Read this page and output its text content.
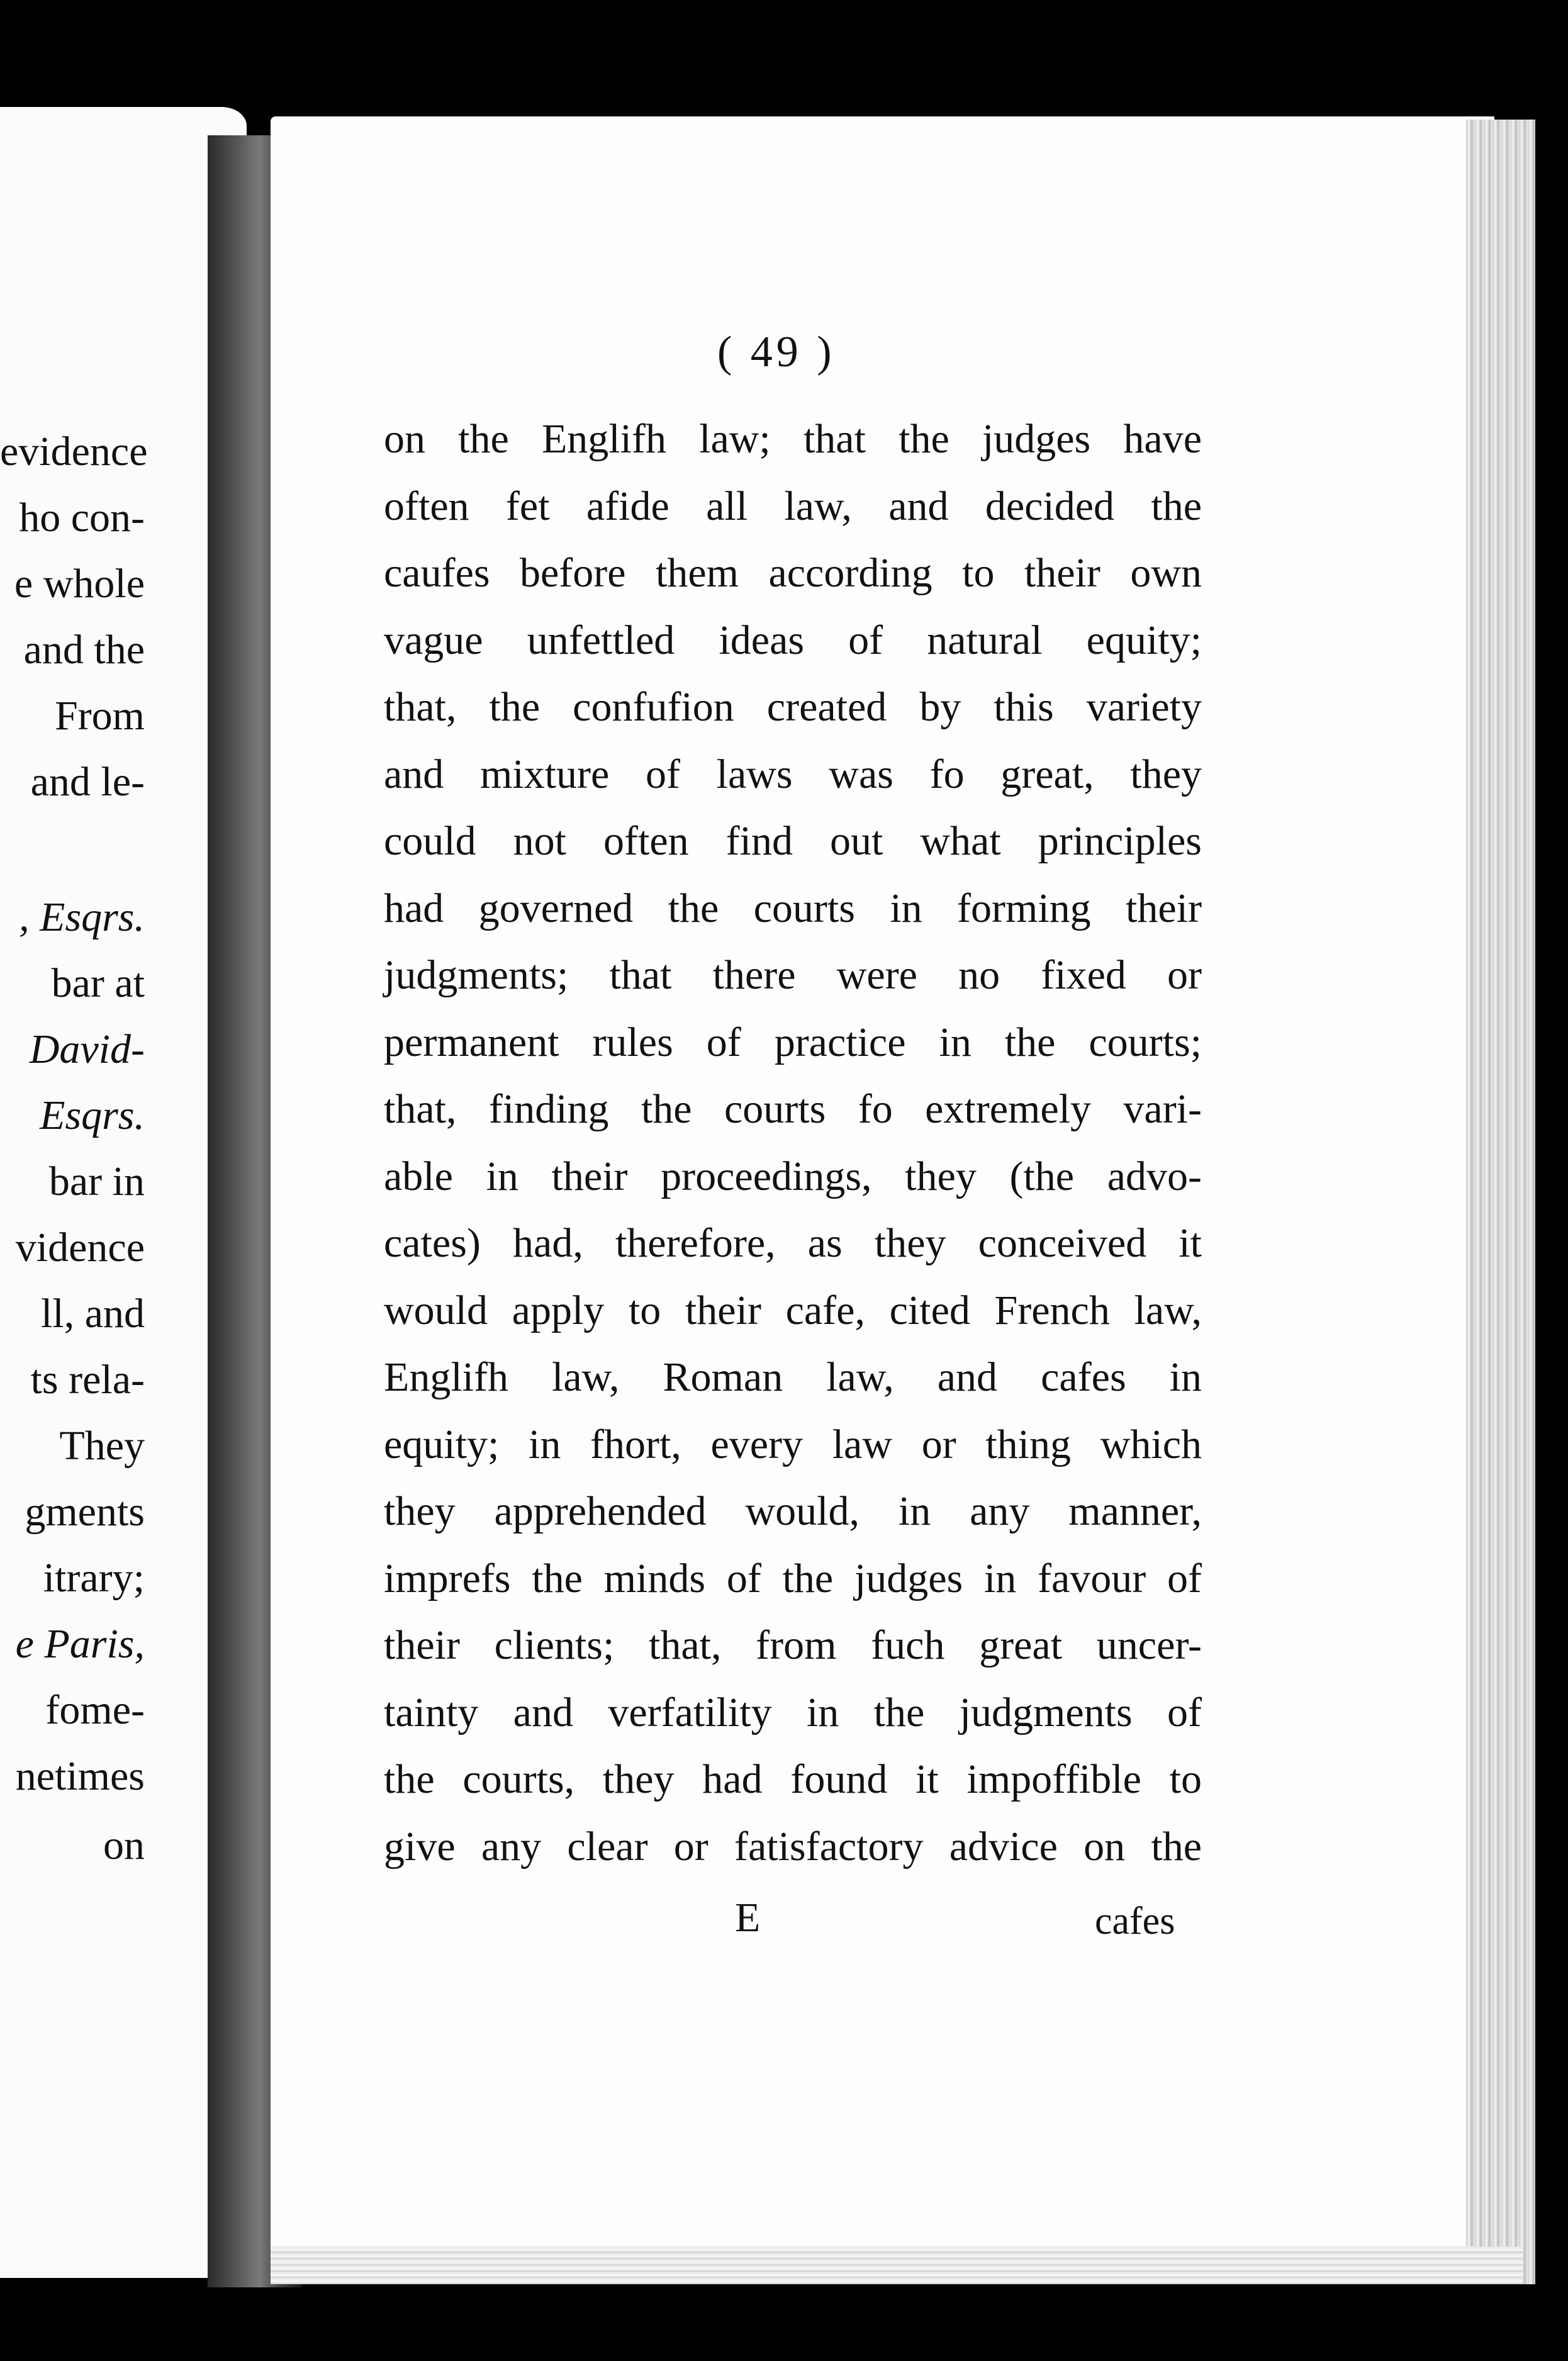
evidence
ho con-
e whole
and the
From
and le-
, Esqrs.
bar at
David-
Esqrs.
bar in
vidence
ll, and
ts rela-
They
gments
itrary;
e Paris,
fome-
netimes
on
( 49 )
on the Englifh law; that the judges have
often fet afide all law, and decided the
caufes before them according to their own
vague unfettled ideas of natural equity;
that, the confufion created by this variety
and mixture of laws was fo great, they
could not often find out what principles
had governed the courts in forming their
judgments; that there were no fixed or
permanent rules of practice in the courts;
that, finding the courts fo extremely vari-
able in their proceedings, they (the advo-
cates) had, therefore, as they conceived it
would apply to their cafe, cited French law,
Englifh law, Roman law, and cafes in
equity; in fhort, every law or thing which
they apprehended would, in any manner,
imprefs the minds of the judges in favour of
their clients; that, from fuch great uncer-
tainty and verfatility in the judgments of
the courts, they had found it impoffible to
give any clear or fatisfactory advice on the
E	cafes
